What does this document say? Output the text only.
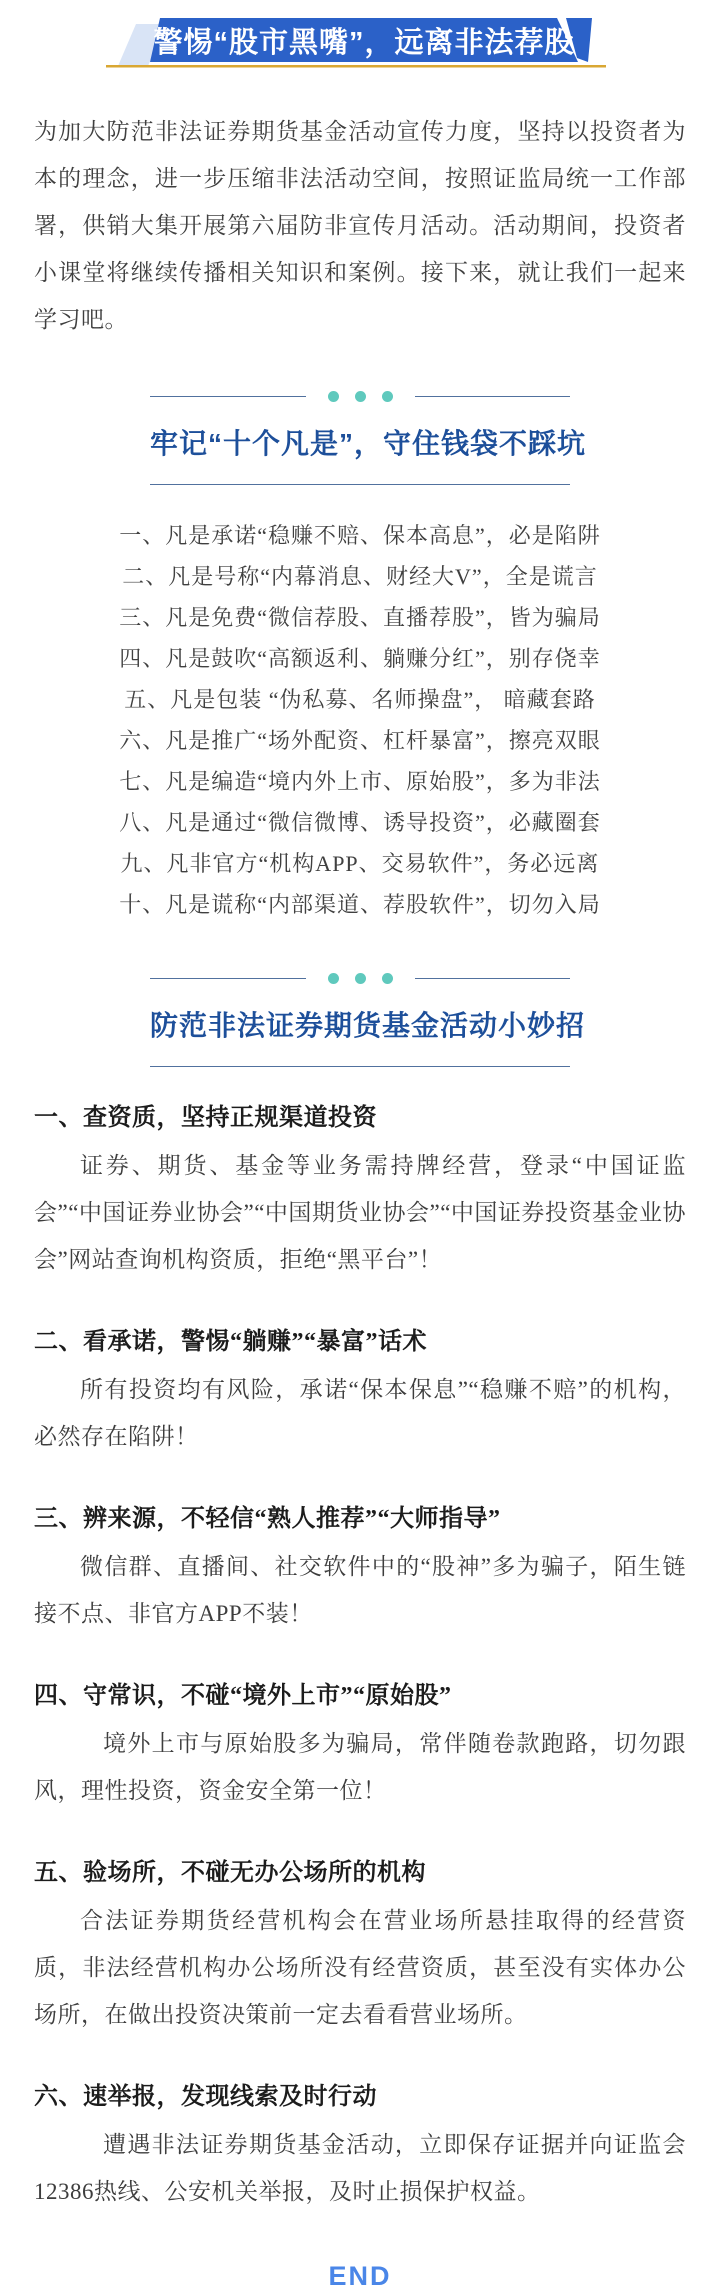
警惕“股市黑嘴”，远离非法荐股

为加大防范非法证券期货基金活动宣传力度，坚持以投资者为本的理念，进一步压缩非法活动空间，按照证监局统一工作部署，供销大集开展第六届防非宣传月活动。活动期间，投资者小课堂将继续传播相关知识和案例。接下来，就让我们一起来学习吧。

牢记“十个凡是”，守住钱袋不踩坑
一、凡是承诺“稳赚不赔、保本高息”，必是陷阱
二、凡是号称“内幕消息、财经大V”，全是谎言
三、凡是免费“微信荐股、直播荐股”，皆为骗局
四、凡是鼓吹“高额返利、躺赚分红”，别存侥幸
五、凡是包装 “伪私募、名师操盘”， 暗藏套路
六、凡是推广“场外配资、杠杆暴富”，擦亮双眼
七、凡是编造“境内外上市、原始股”，多为非法
八、凡是通过“微信微博、诱导投资”，必藏圈套
九、凡非官方“机构APP、交易软件”，务必远离
十、凡是谎称“内部渠道、荐股软件”，切勿入局
防范非法证券期货基金活动小妙招
一、查资质，坚持正规渠道投资

证券、期货、基金等业务需持牌经营，登录“中国证监会”“中国证券业协会”“中国期货业协会”“中国证券投资基金业协会”网站查询机构资质，拒绝“黑平台”！

二、看承诺，警惕“躺赚”“暴富”话术

所有投资均有风险，承诺“保本保息”“稳赚不赔”的机构，必然存在陷阱！

三、辨来源，不轻信“熟人推荐”“大师指导”

微信群、直播间、社交软件中的“股神”多为骗子，陌生链接不点、非官方APP不装！

四、守常识，不碰“境外上市”“原始股”

境外上市与原始股多为骗局，常伴随卷款跑路，切勿跟风，理性投资，资金安全第一位！

五、验场所，不碰无办公场所的机构

合法证券期货经营机构会在营业场所悬挂取得的经营资质，非法经营机构办公场所没有经营资质，甚至没有实体办公场所，在做出投资决策前一定去看看营业场所。

六、速举报，发现线索及时行动

遭遇非法证券期货基金活动，立即保存证据并向证监会12386热线、公安机关举报，及时止损保护权益。

END
